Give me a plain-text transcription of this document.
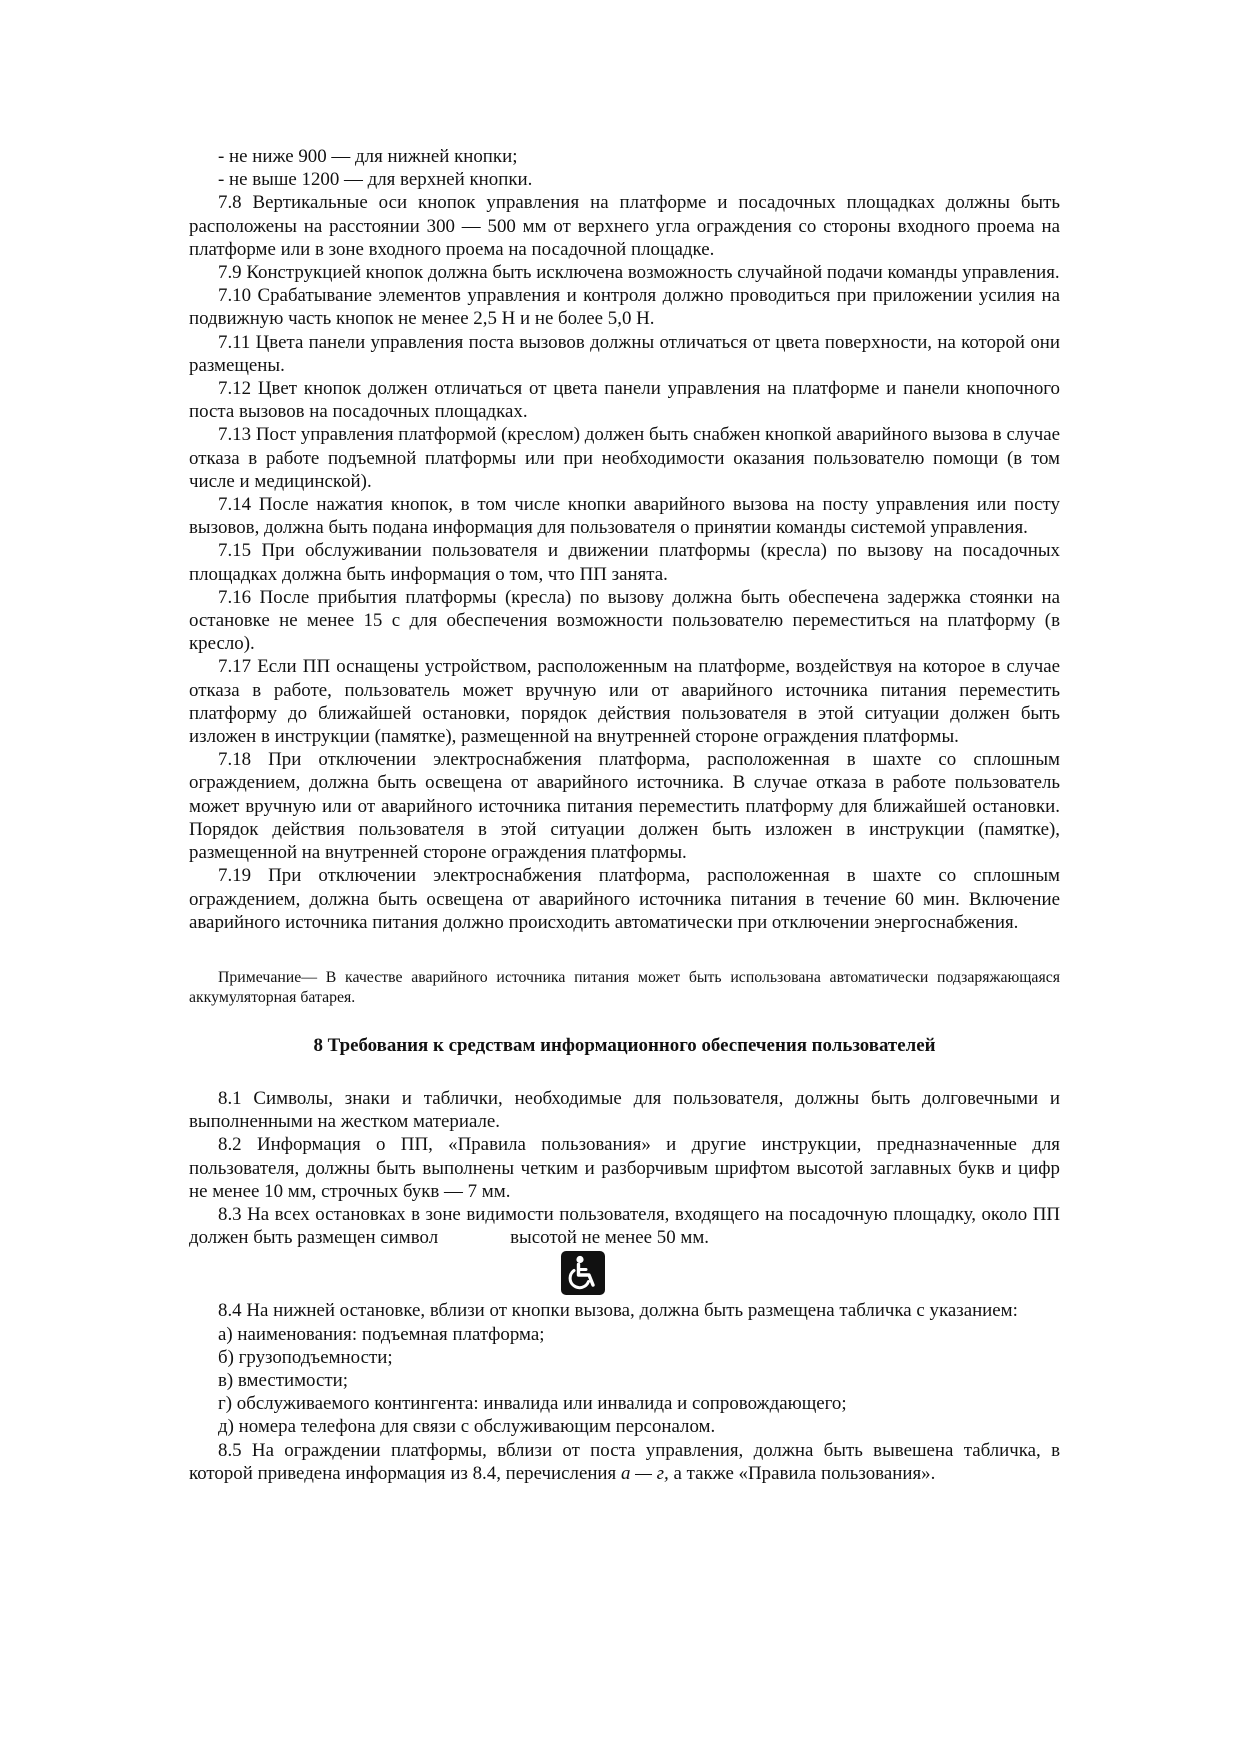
- не ниже 900 — для нижней кнопки;

- не выше 1200 — для верхней кнопки.

7.8 Вертикальные оси кнопок управления на платформе и посадочных площадках должны быть расположены на расстоянии 300 — 500 мм от верхнего угла ограждения со стороны входного проема на платформе или в зоне входного проема на посадочной площадке.

7.9 Конструкцией кнопок должна быть исключена возможность случайной подачи команды управления.

7.10 Срабатывание элементов управления и контроля должно проводиться при приложении усилия на подвижную часть кнопок не менее 2,5 Н и не более 5,0 Н.

7.11 Цвета панели управления поста вызовов должны отличаться от цвета поверхности, на которой они размещены.

7.12 Цвет кнопок должен отличаться от цвета панели управления на платформе и панели кнопочного поста вызовов на посадочных площадках.

7.13 Пост управления платформой (креслом) должен быть снабжен кнопкой аварийного вызова в случае отказа в работе подъемной платформы или при необходимости оказания пользователю помощи (в том числе и медицинской).

7.14 После нажатия кнопок, в том числе кнопки аварийного вызова на посту управления или посту вызовов, должна быть подана информация для пользователя о принятии команды системой управления.

7.15 При обслуживании пользователя и движении платформы (кресла) по вызову на посадочных площадках должна быть информация о том, что ПП занята.

7.16 После прибытия платформы (кресла) по вызову должна быть обеспечена задержка стоянки на остановке не менее 15 с для обеспечения возможности пользователю переместиться на платформу (в кресло).

7.17 Если ПП оснащены устройством, расположенным на платформе, воздействуя на которое в случае отказа в работе, пользователь может вручную или от аварийного источника питания переместить платформу до ближайшей остановки, порядок действия пользователя в этой ситуации должен быть изложен в инструкции (памятке), размещенной на внутренней стороне ограждения платформы.

7.18 При отключении электроснабжения платформа, расположенная в шахте со сплошным ограждением, должна быть освещена от аварийного источника. В случае отказа в работе пользователь может вручную или от аварийного источника питания переместить платформу для ближайшей остановки. Порядок действия пользователя в этой ситуации должен быть изложен в инструкции (памятке), размещенной на внутренней стороне ограждения платформы.

7.19 При отключении электроснабжения платформа, расположенная в шахте со сплошным ограждением, должна быть освещена от аварийного источника питания в течение 60 мин. Включение аварийного источника питания должно происходить автоматически при отключении энергоснабжения.

Примечание— В качестве аварийного источника питания может быть использована автоматически подзаряжающаяся аккумуляторная батарея.

8 Требования к средствам информационного обеспечения пользователей

8.1 Символы, знаки и таблички, необходимые для пользователя, должны быть долговечными и выполненными на жестком материале.

8.2 Информация о ПП, «Правила пользования» и другие инструкции, предназначенные для пользователя, должны быть выполнены четким и разборчивым шрифтом высотой заглавных букв и цифр не менее 10 мм, строчных букв — 7 мм.

8.3 На всех остановках в зоне видимости пользователя, входящего на посадочную площадку, около ПП должен быть размещен символ	высотой не менее 50 мм.

8.4 На нижней остановке, вблизи от кнопки вызова, должна быть размещена табличка с указанием:

а) наименования: подъемная платформа;

б) грузоподъемности;

в) вместимости;

г) обслуживаемого контингента: инвалида или инвалида и сопровождающего;

д) номера телефона для связи с обслуживающим персоналом.

8.5 На ограждении платформы, вблизи от поста управления, должна быть вывешена табличка, в которой приведена информация из 8.4, перечисления а — г, а также «Правила пользования».
